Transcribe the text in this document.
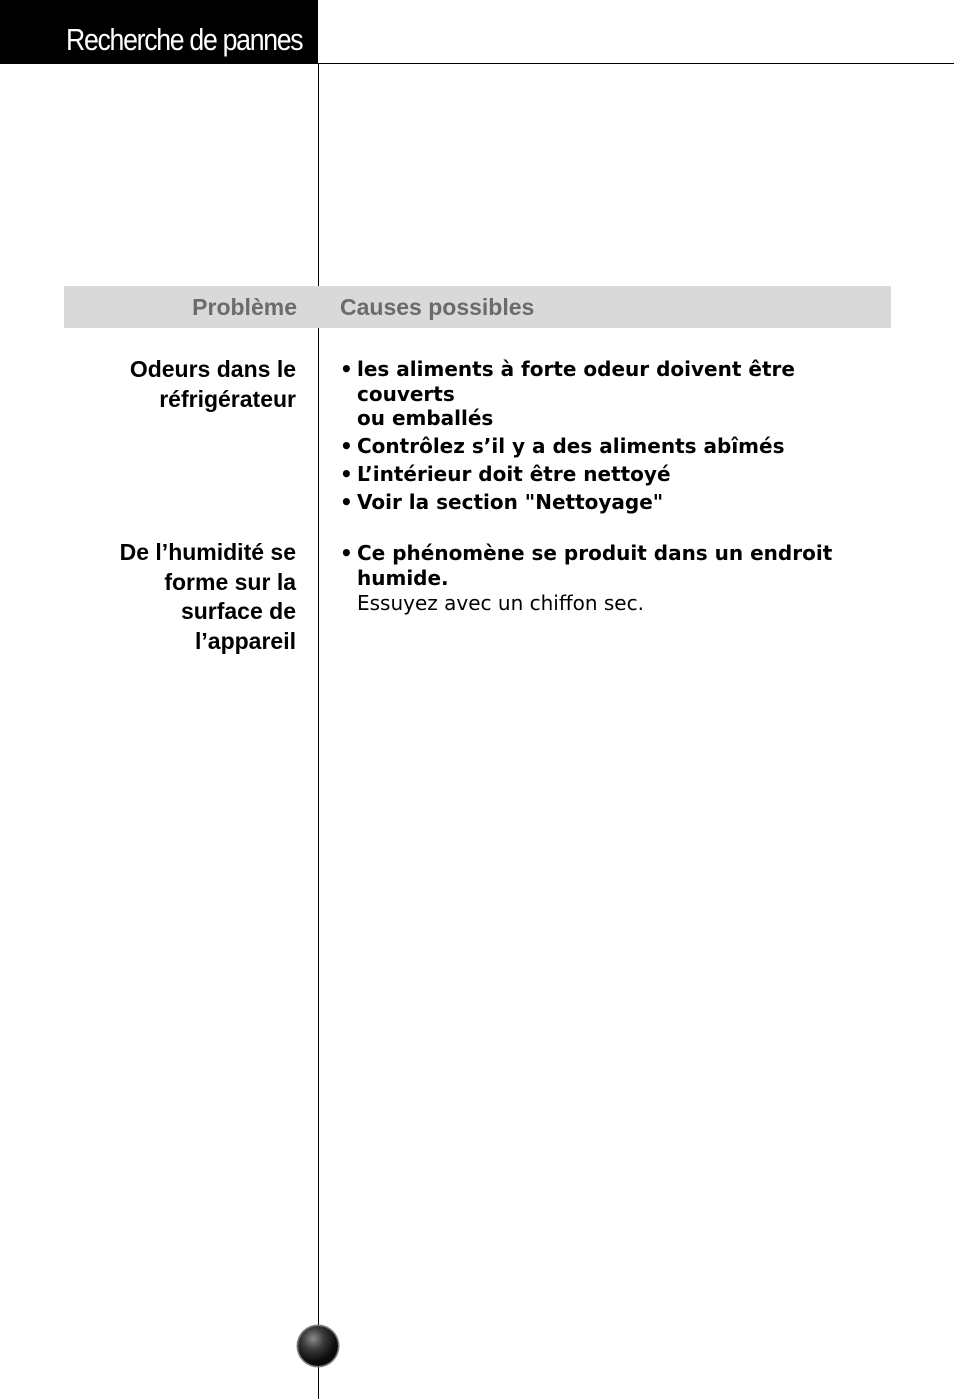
Recherche de pannes
Problème Causes possibles
Odeurs dans le
réfrigérateur
• les aliments à forte odeur doivent être couverts
ou emballés
• Contrôlez s’il y a des aliments abîmés
• L’intérieur doit être nettoyé
• Voir la section "Nettoyage"
De l’humidité se
forme sur la
surface de
l’appareil
• Ce phénomène se produit dans un endroit
humide.
Essuyez avec un chiffon sec.
